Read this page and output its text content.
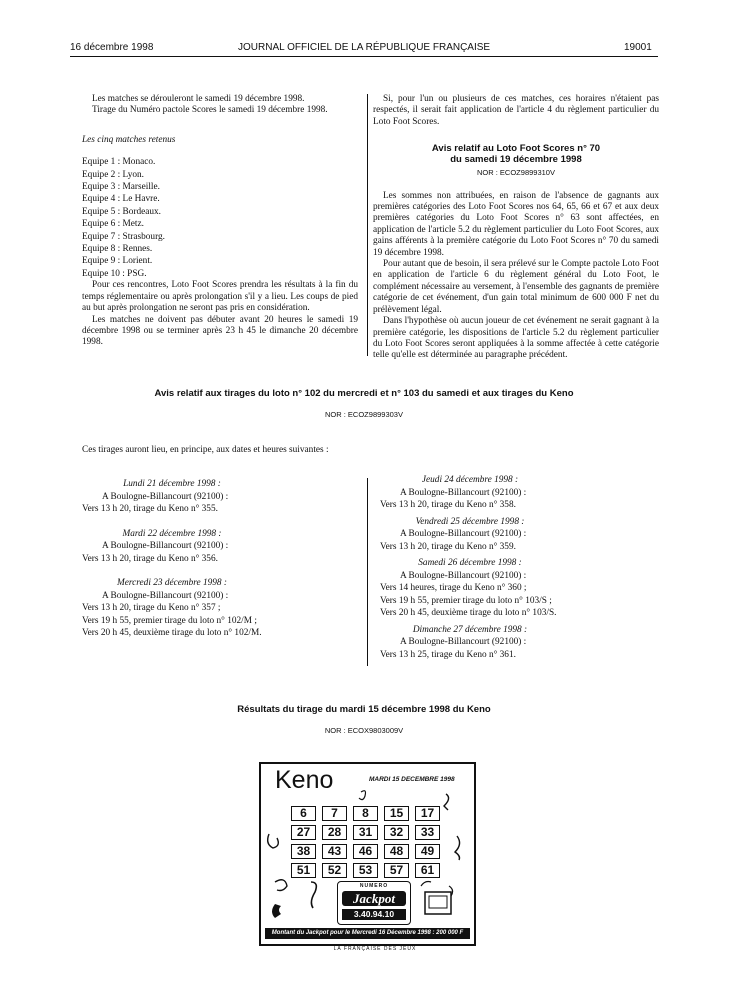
16 décembre 1998	JOURNAL OFFICIEL DE LA RÉPUBLIQUE FRANÇAISE	19001

Les matches se dérouleront le samedi 19 décembre 1998.

Tirage du Numéro pactole Scores le samedi 19 décembre 1998.

Les cinq matches retenus

Equipe 1 : Monaco.
Equipe 2 : Lyon.
Equipe 3 : Marseille.
Equipe 4 : Le Havre.
Equipe 5 : Bordeaux.
Equipe 6 : Metz.
Equipe 7 : Strasbourg.
Equipe 8 : Rennes.
Equipe 9 : Lorient.
Equipe 10 : PSG.

Pour ces rencontres, Loto Foot Scores prendra les résultats à la fin du temps réglementaire ou après prolongation s'il y a lieu. Les coups de pied au but après prolongation ne seront pas pris en considération.

Les matches ne doivent pas débuter avant 20 heures le samedi 19 décembre 1998 ou se terminer après 23 h 45 le dimanche 20 décembre 1998.

Si, pour l'un ou plusieurs de ces matches, ces horaires n'étaient pas respectés, il serait fait application de l'article 4 du règlement particulier du Loto Foot Scores.

Avis relatif au Loto Foot Scores n° 70
du samedi 19 décembre 1998
NOR : ECOZ9899310V

Les sommes non attribuées, en raison de l'absence de gagnants aux premières catégories des Loto Foot Scores nos 64, 65, 66 et 67 et aux deux premières catégories du Loto Foot Scores n° 63 sont affectées, en application de l'article 5.2 du règlement particulier du Loto Foot Scores, aux gains afférents à la première catégorie du Loto Foot Scores n° 70 du samedi 19 décembre 1998.

Pour autant que de besoin, il sera prélevé sur le Compte pactole Loto Foot en application de l'article 6 du règlement général du Loto Foot, le complément nécessaire au versement, à l'ensemble des gagnants de première catégorie de cet événement, d'un gain total minimum de 600 000 F net du prélèvement légal.

Dans l'hypothèse où aucun joueur de cet événement ne serait gagnant à la première catégorie, les dispositions de l'article 5.2 du règlement particulier du Loto Foot Scores seront appliquées à la somme affectée à cette catégorie telle qu'elle est déterminée au paragraphe précédent.

Avis relatif aux tirages du loto n° 102 du mercredi et n° 103 du samedi et aux tirages du Keno
NOR : ECOZ9899303V
Ces tirages auront lieu, en principe, aux dates et heures suivantes :
Lundi 21 décembre 1998 :
A Boulogne-Billancourt (92100) :
Vers 13 h 20, tirage du Keno n° 355.
Mardi 22 décembre 1998 :
A Boulogne-Billancourt (92100) :
Vers 13 h 20, tirage du Keno n° 356.
Mercredi 23 décembre 1998 :
A Boulogne-Billancourt (92100) :
Vers 13 h 20, tirage du Keno n° 357 ;
Vers 19 h 55, premier tirage du loto n° 102/M ;
Vers 20 h 45, deuxième tirage du loto n° 102/M.
Jeudi 24 décembre 1998 :
A Boulogne-Billancourt (92100) :
Vers 13 h 20, tirage du Keno n° 358.
Vendredi 25 décembre 1998 :
A Boulogne-Billancourt (92100) :
Vers 13 h 20, tirage du Keno n° 359.
Samedi 26 décembre 1998 :
A Boulogne-Billancourt (92100) :
Vers 14 heures, tirage du Keno n° 360 ;
Vers 19 h 55, premier tirage du loto n° 103/S ;
Vers 20 h 45, deuxième tirage du loto n° 103/S.
Dimanche 27 décembre 1998 :
A Boulogne-Billancourt (92100) :
Vers 13 h 25, tirage du Keno n° 361.
Résultats du tirage du mardi 15 décembre 1998 du Keno
NOR : ECOX9803009V
Keno	MARDI 15 DECEMBRE 1998
6	7	8	15	17
27	28	31	32	33
38	43	46	48	49
51	52	53	57	61
NUMERO
Jackpot
3.40.94.10
Montant du Jackpot pour le Mercredi 16 Décembre 1998 : 200 000 F
LA FRANÇAISE DES JEUX
